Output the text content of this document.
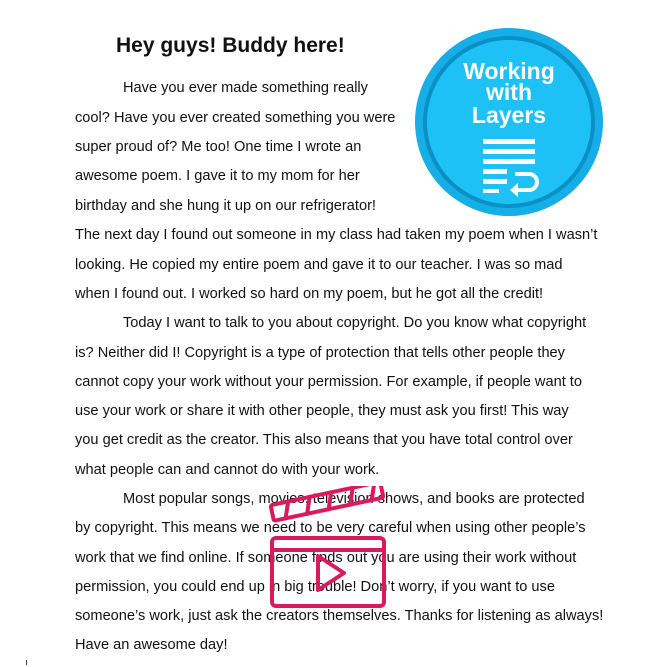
Hey guys! Buddy here!
Working
with
Layers
Have you ever made something really
cool? Have you ever created something you were
super proud of? Me too! One time I wrote an
awesome poem. I gave it to my mom for her
birthday and she hung it up on our refrigerator!
The next day I found out someone in my class had taken my poem when I wasn’t
looking. He copied my entire poem and gave it to our teacher. I was so mad
when I found out. I worked so hard on my poem, but he got all the credit!
Today I want to talk to you about copyright. Do you know what copyright
is? Neither did I! Copyright is a type of protection that tells other people they
cannot copy your work without your permission. For example, if people want to
use your work or share it with other people, they must ask you first! This way
you get credit as the creator. This also means that you have total control over
what people can and cannot do with your work.
Most popular songs, movies, television shows, and books are protected
by copyright. This means we need to be very careful when using other people’s
work that we find online. If someone finds out you are using their work without
permission, you could end up in big trouble! Don’t worry, if you want to use
someone’s work, just ask the creators themselves. Thanks for listening as always!
Have an awesome day!
